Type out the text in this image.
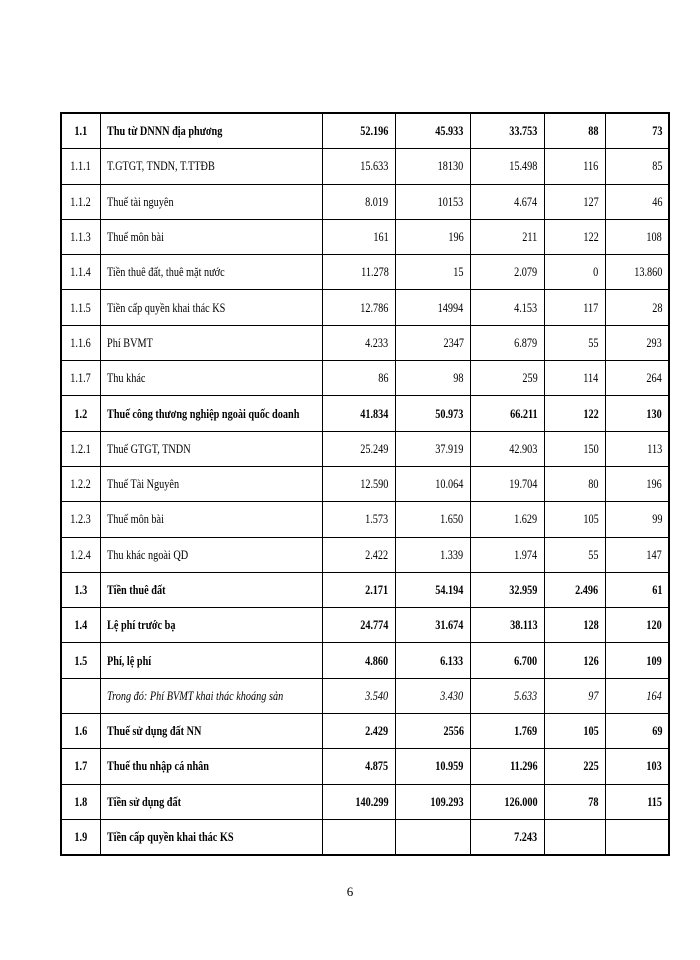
1.1	Thu từ DNNN địa phương	52.196	45.933	33.753	88	73
1.1.1	T.GTGT, TNDN, T.TTĐB	15.633	18130	15.498	116	85
1.1.2	Thuế tài nguyên	8.019	10153	4.674	127	46
1.1.3	Thuế môn bài	161	196	211	122	108
1.1.4	Tiền thuê đất, thuê mặt nước	11.278	15	2.079	0	13.860
1.1.5	Tiền cấp quyền khai thác KS	12.786	14994	4.153	117	28
1.1.6	Phí BVMT	4.233	2347	6.879	55	293
1.1.7	Thu khác	86	98	259	114	264
1.2	Thuế công thương nghiệp ngoài quốc doanh	41.834	50.973	66.211	122	130
1.2.1	Thuế GTGT, TNDN	25.249	37.919	42.903	150	113
1.2.2	Thuế Tài Nguyên	12.590	10.064	19.704	80	196
1.2.3	Thuế môn bài	1.573	1.650	1.629	105	99
1.2.4	Thu khác ngoài QD	2.422	1.339	1.974	55	147
1.3	Tiền thuê đất	2.171	54.194	32.959	2.496	61
1.4	Lệ phí trước bạ	24.774	31.674	38.113	128	120
1.5	Phí, lệ phí	4.860	6.133	6.700	126	109
	Trong đó: Phí BVMT khai thác khoáng sản	3.540	3.430	5.633	97	164
1.6	Thuế sử dụng đất NN	2.429	2556	1.769	105	69
1.7	Thuế thu nhập cá nhân	4.875	10.959	11.296	225	103
1.8	Tiền sử dụng đất	140.299	109.293	126.000	78	115
1.9	Tiền cấp quyền khai thác KS			7.243		
6
